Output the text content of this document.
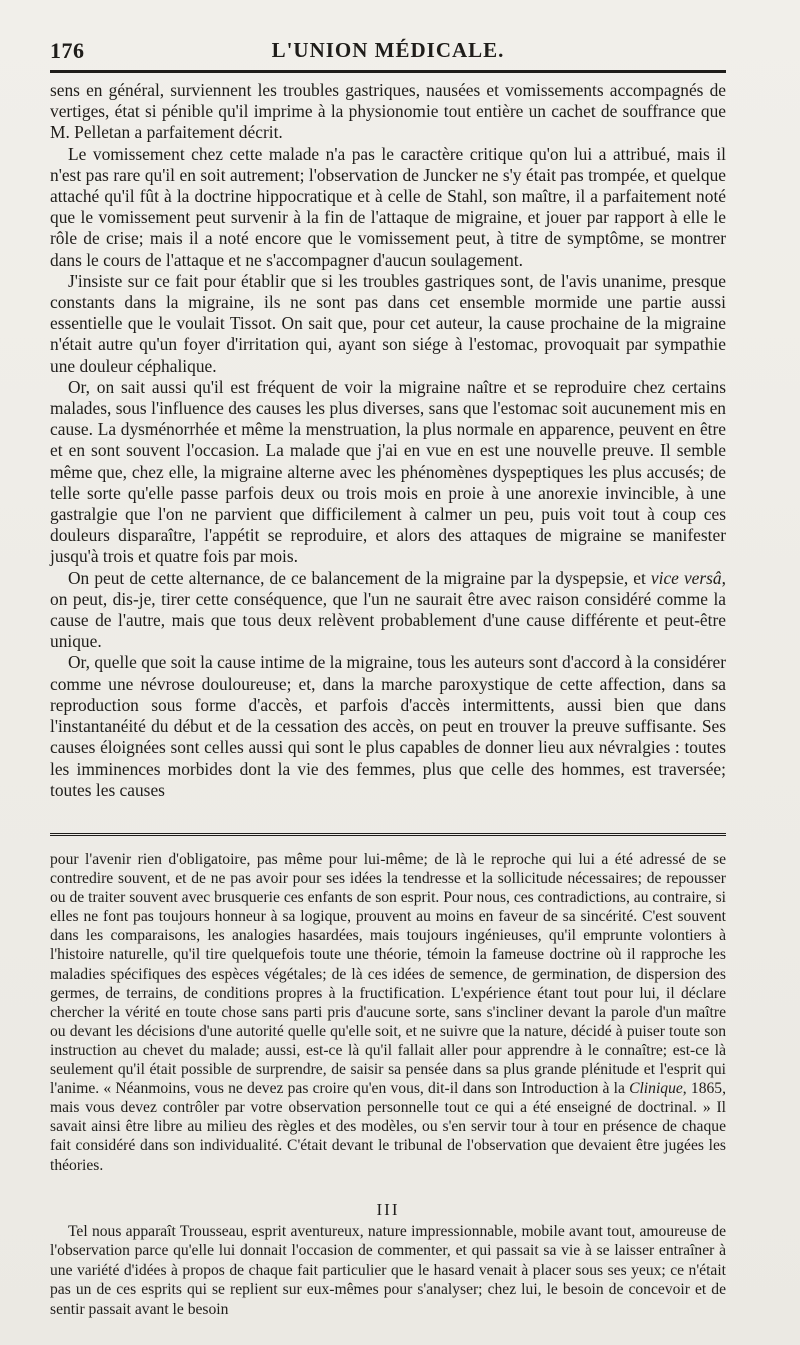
176	L'UNION MÉDICALE.

sens en général, surviennent les troubles gastriques, nausées et vomissements accompagnés de vertiges, état si pénible qu'il imprime à la physionomie tout entière un cachet de souffrance que M. Pelletan a parfaitement décrit.

Le vomissement chez cette malade n'a pas le caractère critique qu'on lui a attribué, mais il n'est pas rare qu'il en soit autrement; l'observation de Juncker ne s'y était pas trompée, et quelque attaché qu'il fût à la doctrine hippocratique et à celle de Stahl, son maître, il a parfaitement noté que le vomissement peut survenir à la fin de l'attaque de migraine, et jouer par rapport à elle le rôle de crise; mais il a noté encore que le vomissement peut, à titre de symptôme, se montrer dans le cours de l'attaque et ne s'accompagner d'aucun soulagement.

J'insiste sur ce fait pour établir que si les troubles gastriques sont, de l'avis unanime, presque constants dans la migraine, ils ne sont pas dans cet ensemble mormide une partie aussi essentielle que le voulait Tissot. On sait que, pour cet auteur, la cause prochaine de la migraine n'était autre qu'un foyer d'irritation qui, ayant son siége à l'estomac, provoquait par sympathie une douleur céphalique.

Or, on sait aussi qu'il est fréquent de voir la migraine naître et se reproduire chez certains malades, sous l'influence des causes les plus diverses, sans que l'estomac soit aucunement mis en cause. La dysménorrhée et même la menstruation, la plus normale en apparence, peuvent en être et en sont souvent l'occasion. La malade que j'ai en vue en est une nouvelle preuve. Il semble même que, chez elle, la migraine alterne avec les phénomènes dyspeptiques les plus accusés; de telle sorte qu'elle passe parfois deux ou trois mois en proie à une anorexie invincible, à une gastralgie que l'on ne parvient que difficilement à calmer un peu, puis voit tout à coup ces douleurs disparaître, l'appétit se reproduire, et alors des attaques de migraine se manifester jusqu'à trois et quatre fois par mois.

On peut de cette alternance, de ce balancement de la migraine par la dyspepsie, et vice versâ, on peut, dis-je, tirer cette conséquence, que l'un ne saurait être avec raison considéré comme la cause de l'autre, mais que tous deux relèvent probablement d'une cause différente et peut-être unique.

Or, quelle que soit la cause intime de la migraine, tous les auteurs sont d'accord à la considérer comme une névrose douloureuse; et, dans la marche paroxystique de cette affection, dans sa reproduction sous forme d'accès, et parfois d'accès intermittents, aussi bien que dans l'instantanéité du début et de la cessation des accès, on peut en trouver la preuve suffisante. Ses causes éloignées sont celles aussi qui sont le plus capables de donner lieu aux névralgies : toutes les imminences morbides dont la vie des femmes, plus que celle des hommes, est traversée; toutes les causes

pour l'avenir rien d'obligatoire, pas même pour lui-même; de là le reproche qui lui a été adressé de se contredire souvent, et de ne pas avoir pour ses idées la tendresse et la sollicitude nécessaires; de repousser ou de traiter souvent avec brusquerie ces enfants de son esprit. Pour nous, ces contradictions, au contraire, si elles ne font pas toujours honneur à sa logique, prouvent au moins en faveur de sa sincérité. C'est souvent dans les comparaisons, les analogies hasardées, mais toujours ingénieuses, qu'il emprunte volontiers à l'histoire naturelle, qu'il tire quelquefois toute une théorie, témoin la fameuse doctrine où il rapproche les maladies spécifiques des espèces végétales; de là ces idées de semence, de germination, de dispersion des germes, de terrains, de conditions propres à la fructification. L'expérience étant tout pour lui, il déclare chercher la vérité en toute chose sans parti pris d'aucune sorte, sans s'incliner devant la parole d'un maître ou devant les décisions d'une autorité quelle qu'elle soit, et ne suivre que la nature, décidé à puiser toute son instruction au chevet du malade; aussi, est-ce là qu'il fallait aller pour apprendre à le connaître; est-ce là seulement qu'il était possible de surprendre, de saisir sa pensée dans sa plus grande plénitude et l'esprit qui l'anime. « Néanmoins, vous ne devez pas croire qu'en vous, dit-il dans son Introduction à la Clinique, 1865, mais vous devez contrôler par votre observation personnelle tout ce qui a été enseigné de doctrinal. » Il savait ainsi être libre au milieu des règles et des modèles, ou s'en servir tour à tour en présence de chaque fait considéré dans son individualité. C'était devant le tribunal de l'observation que devaient être jugées les théories.

III

Tel nous apparaît Trousseau, esprit aventureux, nature impressionnable, mobile avant tout, amoureuse de l'observation parce qu'elle lui donnait l'occasion de commenter, et qui passait sa vie à se laisser entraîner à une variété d'idées à propos de chaque fait particulier que le hasard venait à placer sous ses yeux; ce n'était pas un de ces esprits qui se replient sur eux-mêmes pour s'analyser; chez lui, le besoin de concevoir et de sentir passait avant le besoin
